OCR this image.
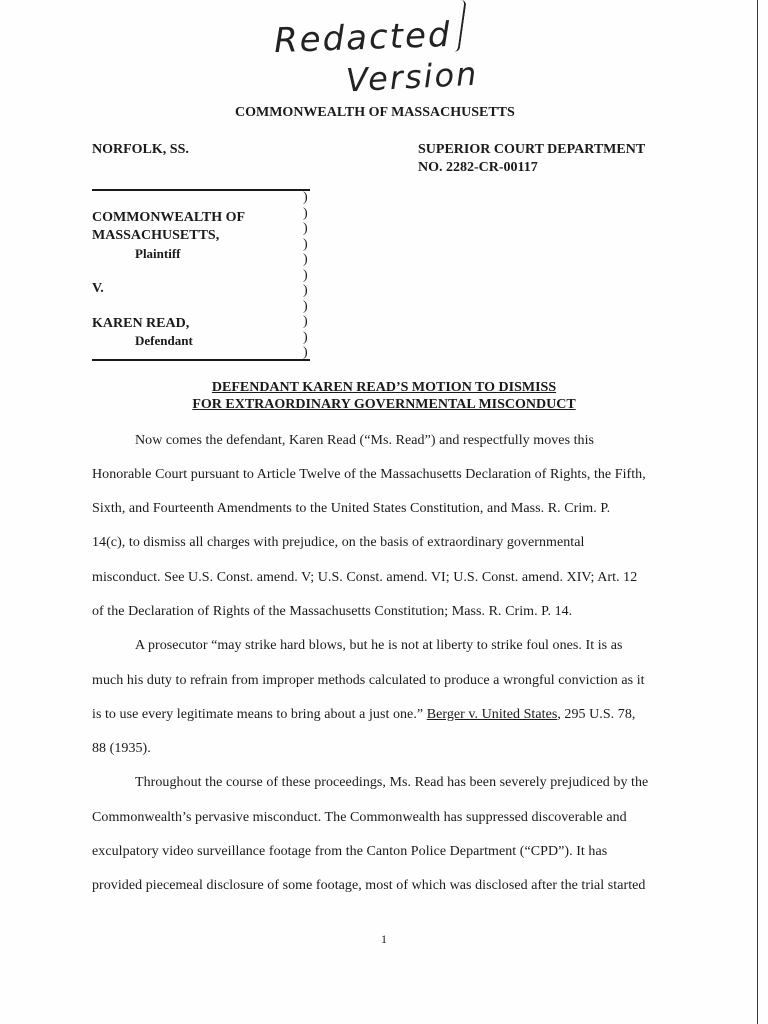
Redacted
Version
COMMONWEALTH OF MASSACHUSETTS
NORFOLK, SS.	SUPERIOR COURT DEPARTMENT
NO. 2282-CR-00117
)
)
)
)
)
)
)
)
)
)
)
COMMONWEALTH OF
MASSACHUSETTS,
Plaintiff
V.
KAREN READ,
Defendant
DEFENDANT KAREN READ’S MOTION TO DISMISS
FOR EXTRAORDINARY GOVERNMENTAL MISCONDUCT
Now comes the defendant, Karen Read (“Ms. Read”) and respectfully moves this
Honorable Court pursuant to Article Twelve of the Massachusetts Declaration of Rights, the Fifth,
Sixth, and Fourteenth Amendments to the United States Constitution, and Mass. R. Crim. P.
14(c), to dismiss all charges with prejudice, on the basis of extraordinary governmental
misconduct. See U.S. Const. amend. V; U.S. Const. amend. VI; U.S. Const. amend. XIV; Art. 12
of the Declaration of Rights of the Massachusetts Constitution; Mass. R. Crim. P. 14.
A prosecutor “may strike hard blows, but he is not at liberty to strike foul ones. It is as
much his duty to refrain from improper methods calculated to produce a wrongful conviction as it
is to use every legitimate means to bring about a just one.” Berger v. United States, 295 U.S. 78,
88 (1935).
Throughout the course of these proceedings, Ms. Read has been severely prejudiced by the
Commonwealth’s pervasive misconduct. The Commonwealth has suppressed discoverable and
exculpatory video surveillance footage from the Canton Police Department (“CPD”). It has
provided piecemeal disclosure of some footage, most of which was disclosed after the trial started
1
